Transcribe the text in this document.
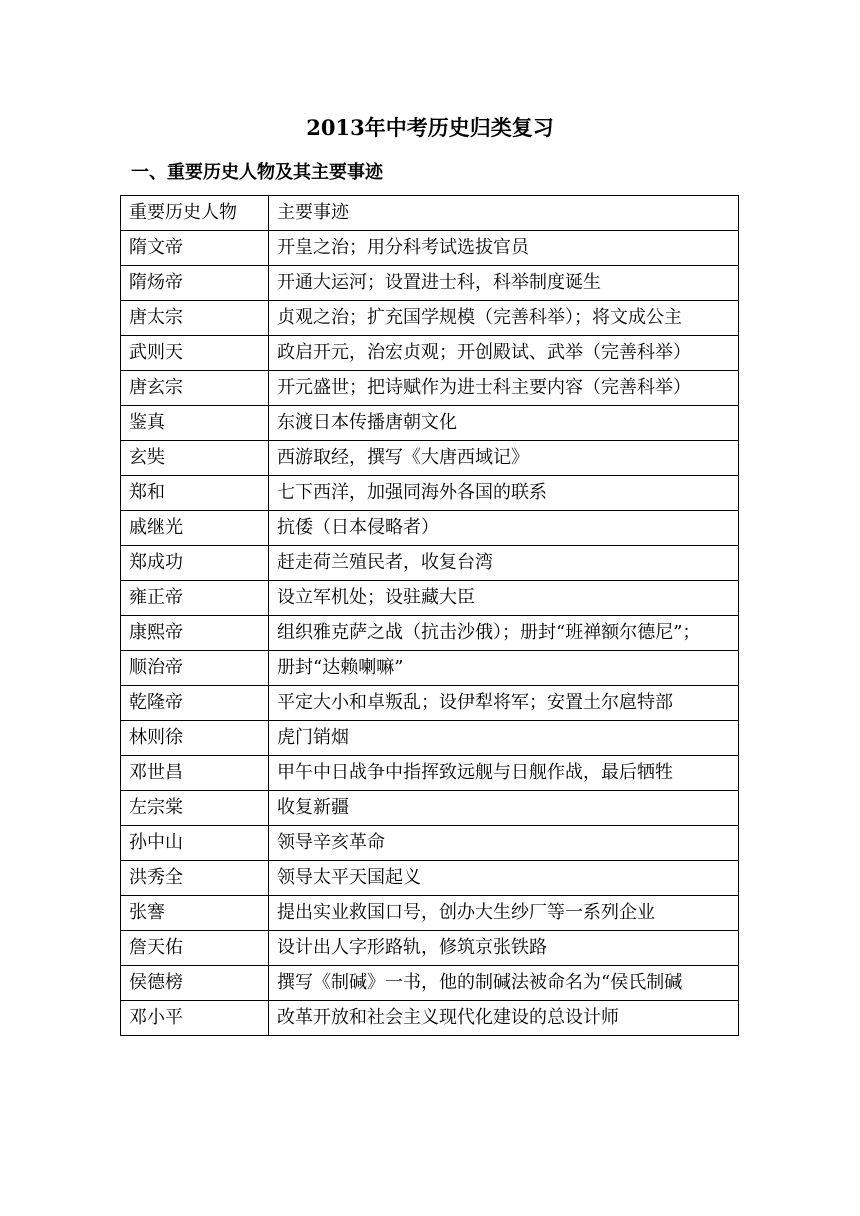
2013年中考历史归类复习
一、重要历史人物及其主要事迹
重要历史人物	主要事迹
隋文帝	开皇之治；用分科考试选拔官员
隋炀帝	开通大运河；设置进士科，科举制度诞生
唐太宗	贞观之治；扩充国学规模（完善科举）；将文成公主
武则天	政启开元，治宏贞观；开创殿试、武举（完善科举）
唐玄宗	开元盛世；把诗赋作为进士科主要内容（完善科举）
鉴真	东渡日本传播唐朝文化
玄奘	西游取经，撰写《大唐西域记》
郑和	七下西洋，加强同海外各国的联系
戚继光	抗倭（日本侵略者）
郑成功	赶走荷兰殖民者，收复台湾
雍正帝	设立军机处；设驻藏大臣
康熙帝	组织雅克萨之战（抗击沙俄）；册封“班禅额尔德尼”；
顺治帝	册封“达赖喇嘛”
乾隆帝	平定大小和卓叛乱；设伊犁将军；安置土尔扈特部
林则徐	虎门销烟
邓世昌	甲午中日战争中指挥致远舰与日舰作战，最后牺牲
左宗棠	收复新疆
孙中山	领导辛亥革命
洪秀全	领导太平天国起义
张謇	提出实业救国口号，创办大生纱厂等一系列企业
詹天佑	设计出人字形路轨，修筑京张铁路
侯德榜	撰写《制碱》一书，他的制碱法被命名为“侯氏制碱
邓小平	改革开放和社会主义现代化建设的总设计师
